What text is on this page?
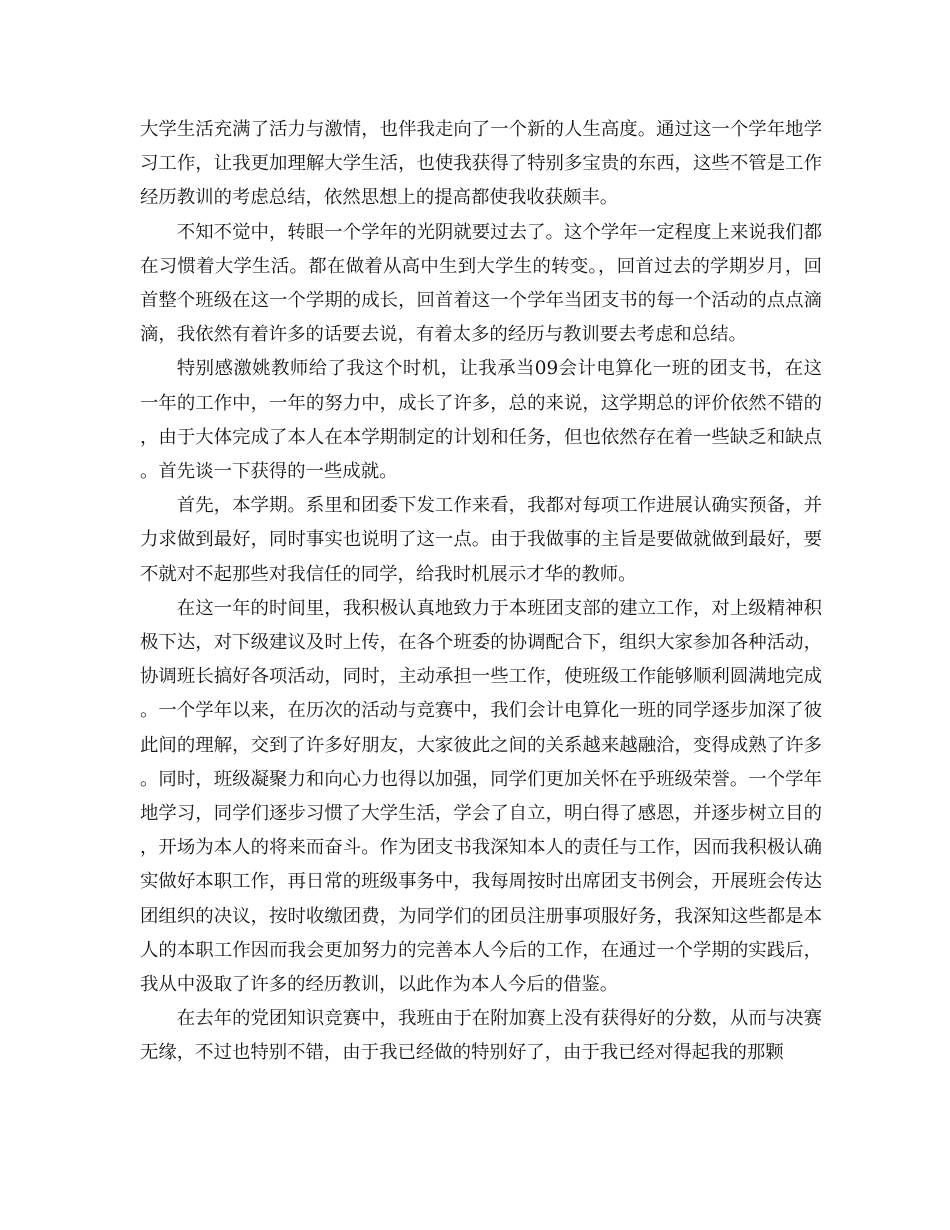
大学生活充满了活力与激情，也伴我走向了一个新的人生高度。通过这一个学年地学习工作，让我更加理解大学生活，也使我获得了特别多宝贵的东西，这些不管是工作经历教训的考虑总结，依然思想上的提高都使我收获颇丰。

不知不觉中，转眼一个学年的光阴就要过去了。这个学年一定程度上来说我们都在习惯着大学生活。都在做着从高中生到大学生的转变。，回首过去的学期岁月，回首整个班级在这一个学期的成长，回首着这一个学年当团支书的每一个活动的点点滴滴，我依然有着许多的话要去说，有着太多的经历与教训要去考虑和总结。

特别感激姚教师给了我这个时机，让我承当09会计电算化一班的团支书，在这一年的工作中，一年的努力中，成长了许多，总的来说，这学期总的评价依然不错的，由于大体完成了本人在本学期制定的计划和任务，但也依然存在着一些缺乏和缺点。首先谈一下获得的一些成就。

首先，本学期。系里和团委下发工作来看，我都对每项工作进展认确实预备，并力求做到最好，同时事实也说明了这一点。由于我做事的主旨是要做就做到最好，要不就对不起那些对我信任的同学，给我时机展示才华的教师。

在这一年的时间里，我积极认真地致力于本班团支部的建立工作，对上级精神积极下达，对下级建议及时上传，在各个班委的协调配合下，组织大家参加各种活动，协调班长搞好各项活动，同时，主动承担一些工作，使班级工作能够顺利圆满地完成。一个学年以来，在历次的活动与竞赛中，我们会计电算化一班的同学逐步加深了彼此间的理解，交到了许多好朋友，大家彼此之间的关系越来越融洽，变得成熟了许多。同时，班级凝聚力和向心力也得以加强，同学们更加关怀在乎班级荣誉。一个学年地学习，同学们逐步习惯了大学生活，学会了自立，明白得了感恩，并逐步树立目的，开场为本人的将来而奋斗。作为团支书我深知本人的责任与工作，因而我积极认确实做好本职工作，再日常的班级事务中，我每周按时出席团支书例会，开展班会传达团组织的决议，按时收缴团费，为同学们的团员注册事项服好务，我深知这些都是本人的本职工作因而我会更加努力的完善本人今后的工作，在通过一个学期的实践后，我从中汲取了许多的经历教训，以此作为本人今后的借鉴。

在去年的党团知识竞赛中，我班由于在附加赛上没有获得好的分数，从而与决赛无缘，不过也特别不错，由于我已经做的特别好了，由于我已经对得起我的那颗
